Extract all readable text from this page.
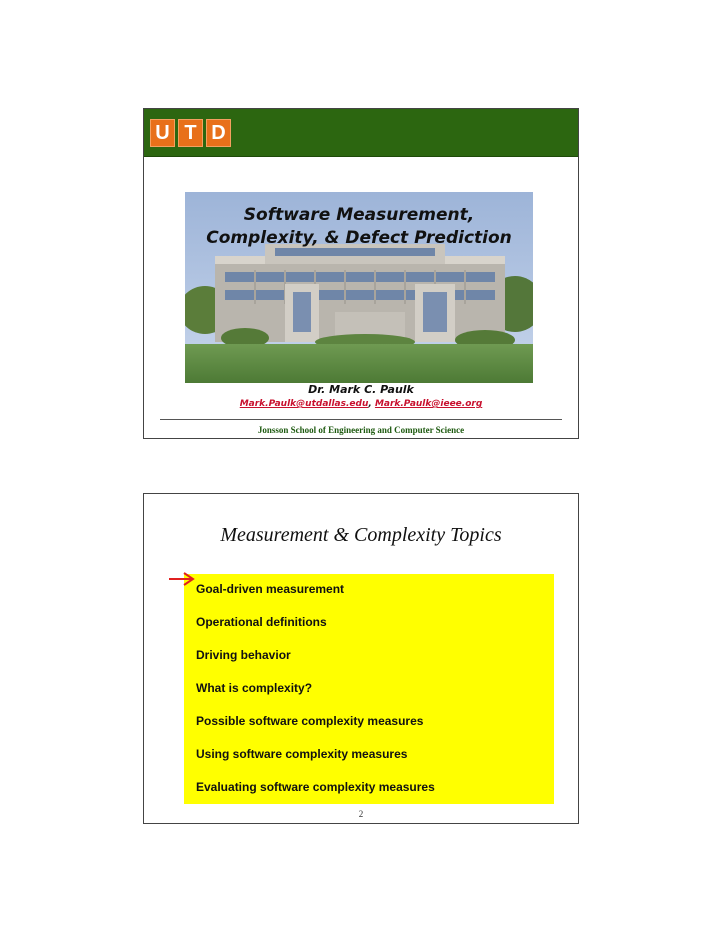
U T D
Software Measurement,
Complexity, & Defect Prediction
Dr. Mark C. Paulk
Mark.Paulk@utdallas.edu, Mark.Paulk@ieee.org
Jonsson School of Engineering and Computer Science
Measurement & Complexity Topics
Goal-driven measurement
Operational definitions
Driving behavior
What is complexity?
Possible software complexity measures
Using software complexity measures
Evaluating software complexity measures
2
